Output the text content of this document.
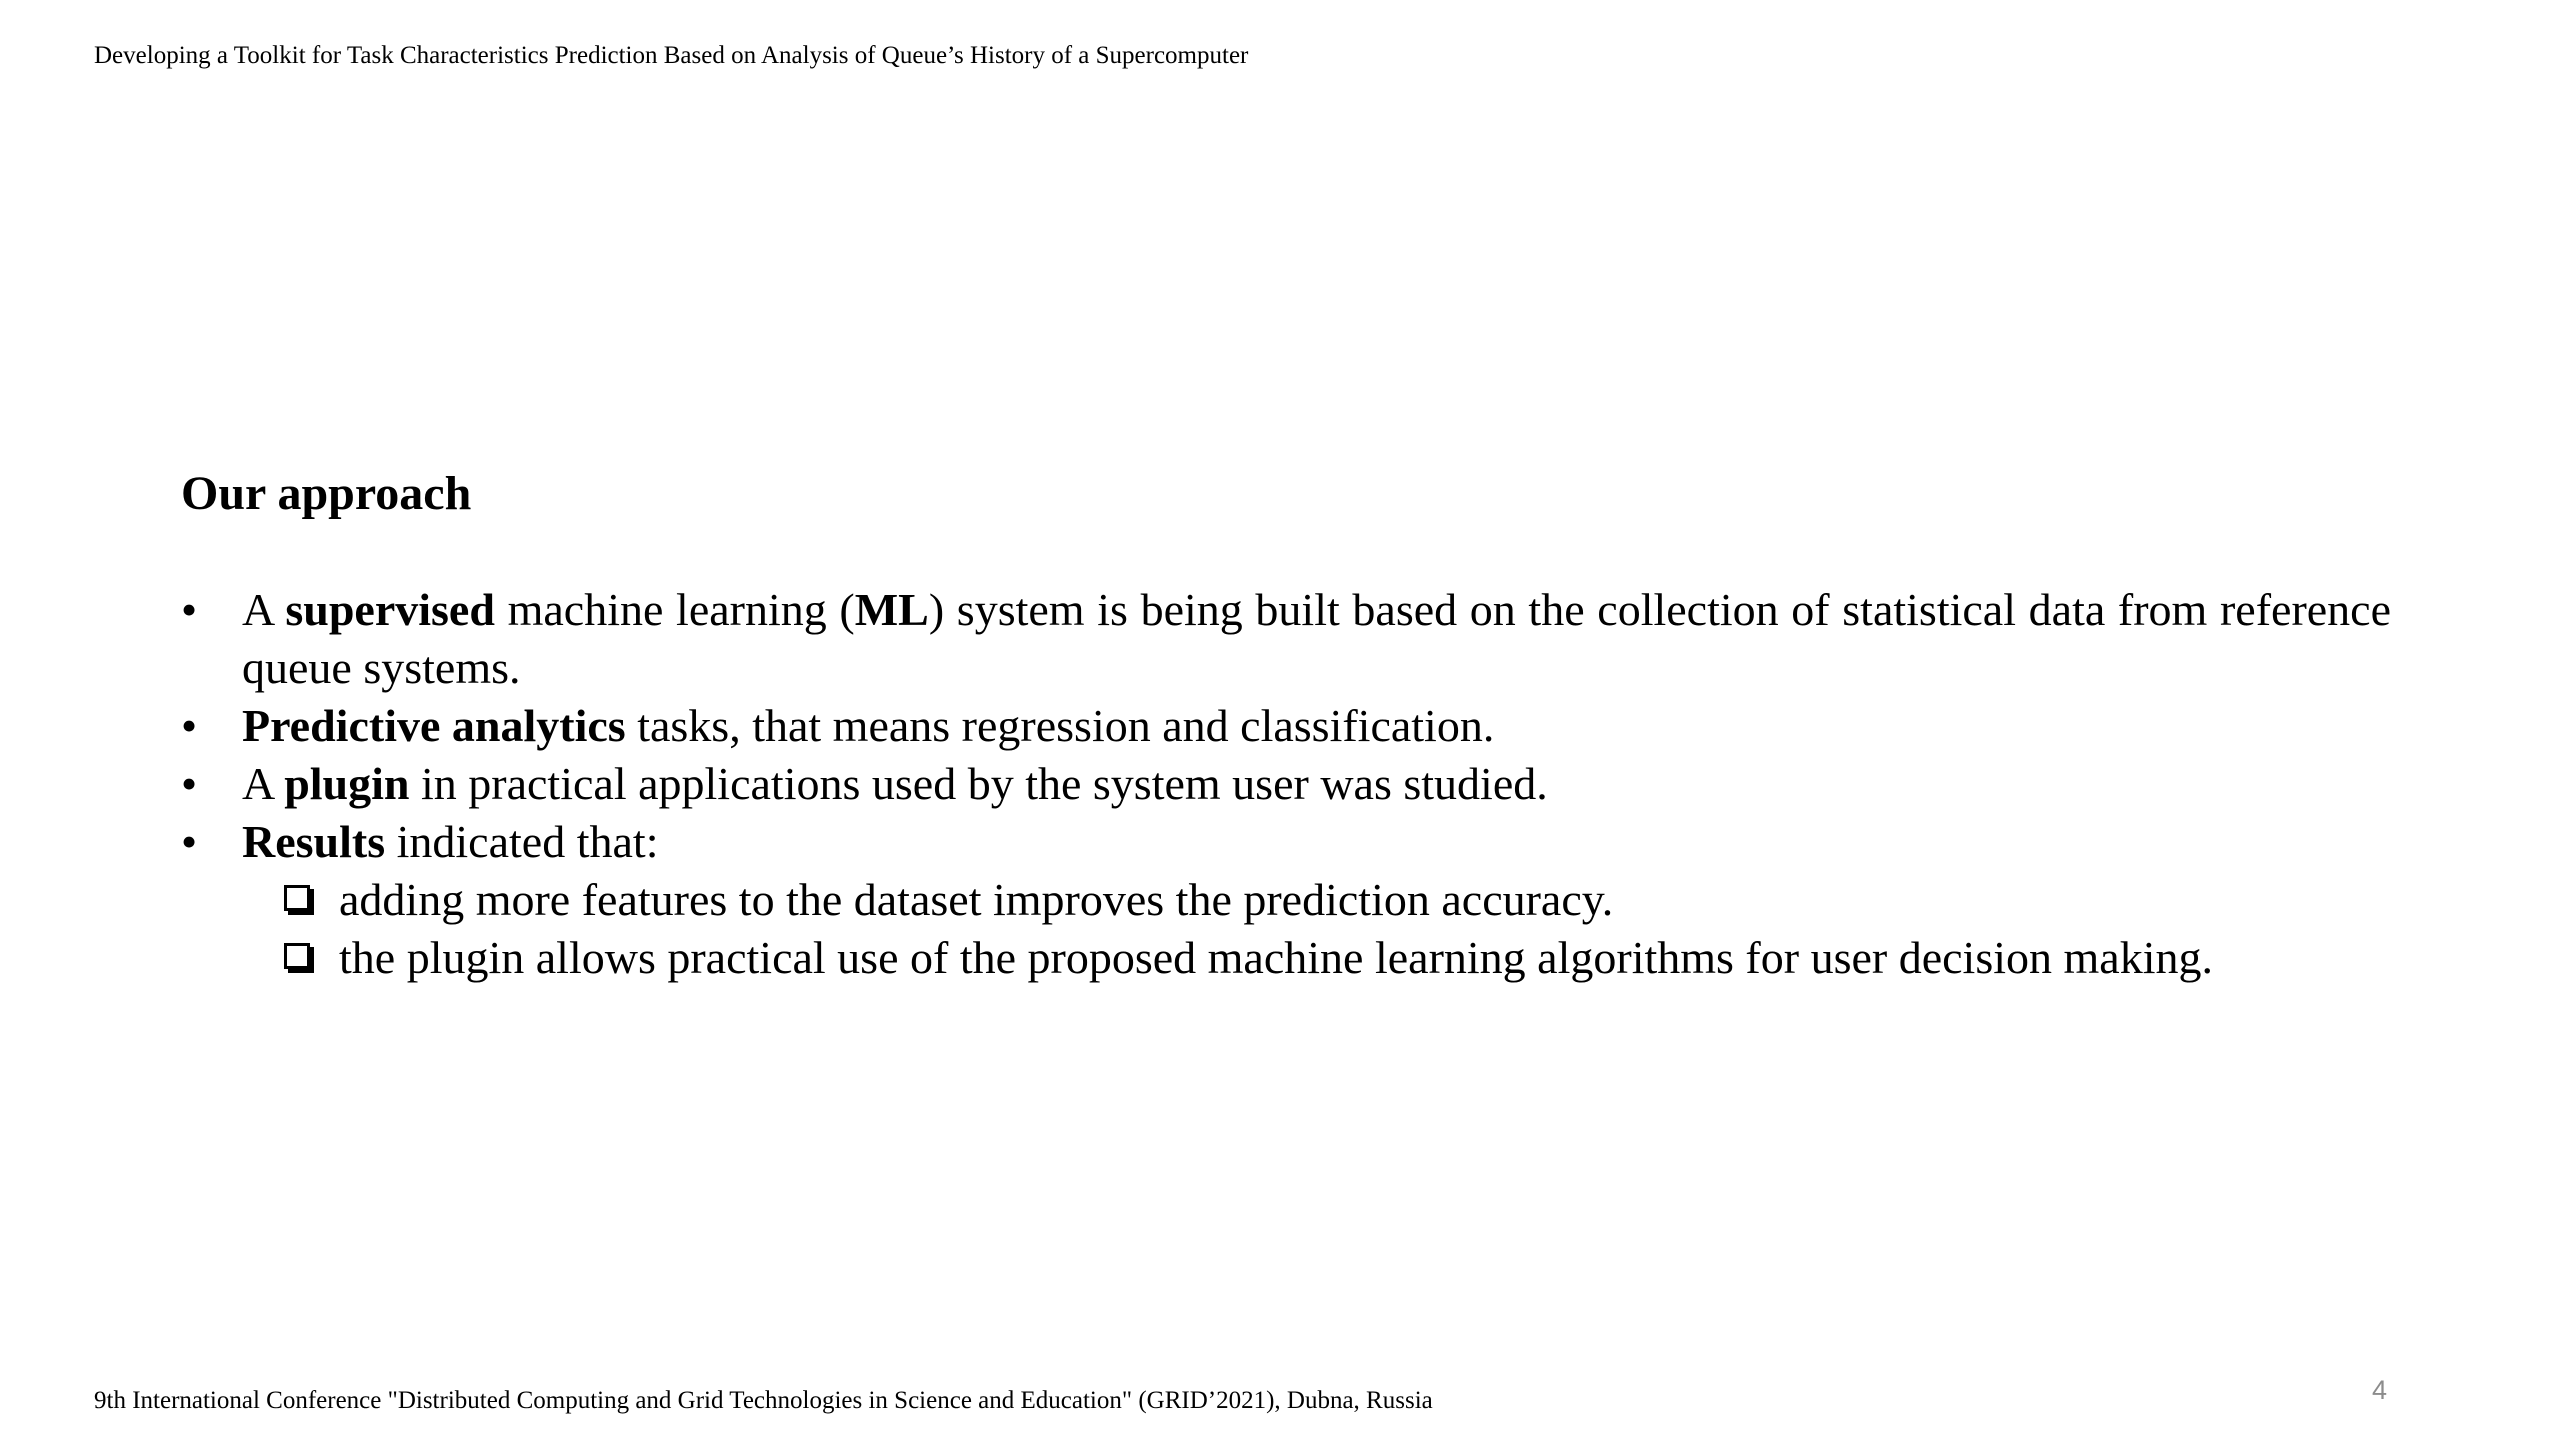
Developing a Toolkit for Task Characteristics Prediction Based on Analysis of Queue’s History of a Supercomputer
Our approach
• A supervised machine learning (ML) system is being built based on the collection of statistical data from reference queue systems.
• Predictive analytics tasks, that means regression and classification.
• A plugin in practical applications used by the system user was studied.
• Results indicated that:
adding more features to the dataset improves the prediction accuracy.
the plugin allows practical use of the proposed machine learning algorithms for user decision making.
9th International Conference "Distributed Computing and Grid Technologies in Science and Education" (GRID’2021), Dubna, Russia	4
